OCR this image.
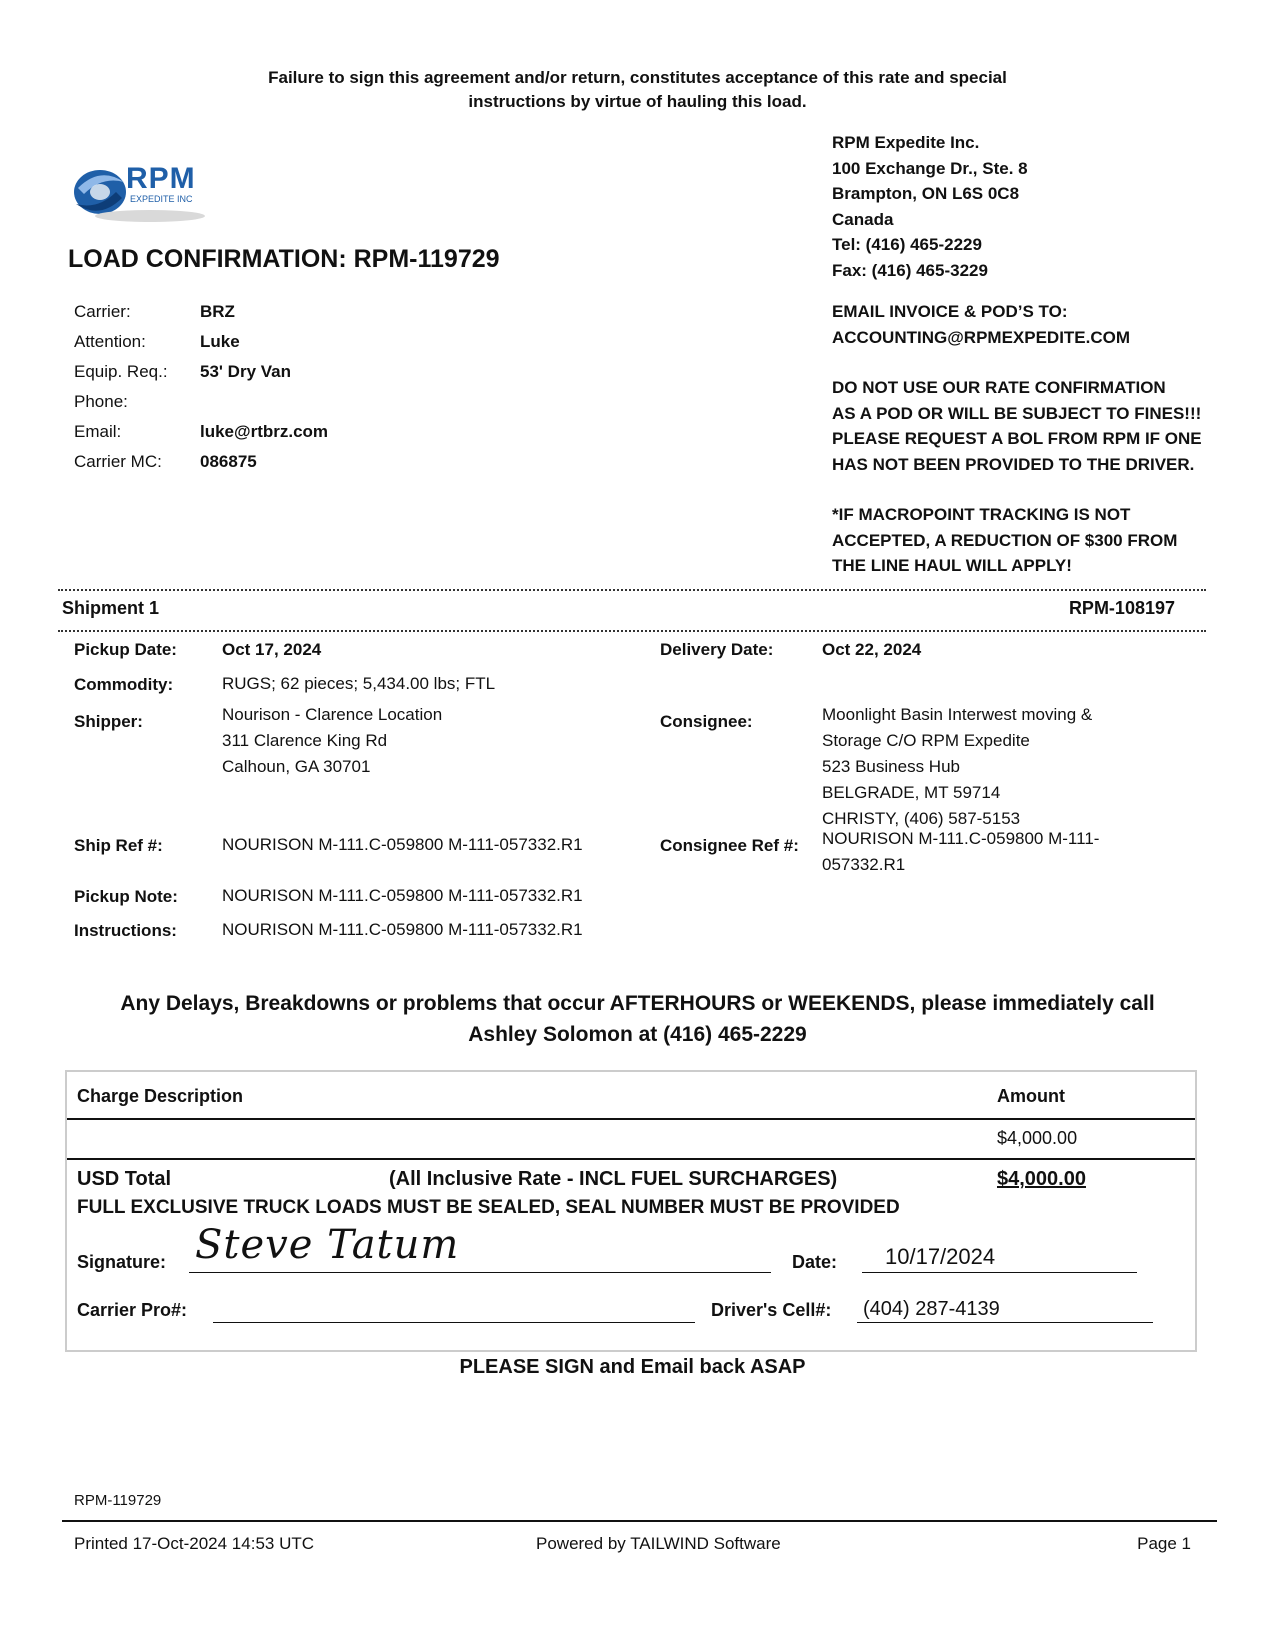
Failure to sign this agreement and/or return, constitutes acceptance of this rate and special
instructions by virtue of hauling this load.
RPM
EXPEDITE INC
RPM Expedite Inc.
100 Exchange Dr., Ste. 8
Brampton, ON L6S 0C8
Canada
Tel: (416) 465-2229
Fax: (416) 465-3229
LOAD CONFIRMATION: RPM-119729
Carrier:	BRZ
Attention:	Luke
Equip. Req.: 53' Dry Van
Phone:
Email:	luke@rtbrz.com
Carrier MC: 086875
EMAIL INVOICE & POD’S TO:
ACCOUNTING@RPMEXPEDITE.COM
DO NOT USE OUR RATE CONFIRMATION
AS A POD OR WILL BE SUBJECT TO FINES!!!
PLEASE REQUEST A BOL FROM RPM IF ONE
HAS NOT BEEN PROVIDED TO THE DRIVER.
*IF MACROPOINT TRACKING IS NOT
ACCEPTED, A REDUCTION OF $300 FROM
THE LINE HAUL WILL APPLY!
Shipment 1	RPM-108197
Pickup Date:	Oct 17, 2024	Delivery Date:	Oct 22, 2024
Commodity:	RUGS; 62 pieces; 5,434.00 lbs; FTL
Shipper:	Nourison - Clarence Location
311 Clarence King Rd
Calhoun, GA 30701
Consignee:	Moonlight Basin Interwest moving &
Storage C/O RPM Expedite
523 Business Hub
BELGRADE, MT 59714
CHRISTY, (406) 587-5153
Ship Ref #:	NOURISON M-111.C-059800 M-111-057332.R1	Consignee Ref #: NOURISON M-111.C-059800 M-111-
057332.R1
Pickup Note:	NOURISON M-111.C-059800 M-111-057332.R1
Instructions:	NOURISON M-111.C-059800 M-111-057332.R1
Any Delays, Breakdowns or problems that occur AFTERHOURS or WEEKENDS, please immediately call
Ashley Solomon at (416) 465-2229
Charge Description	Amount
$4,000.00
USD Total	(All Inclusive Rate - INCL FUEL SURCHARGES)	$4,000.00
FULL EXCLUSIVE TRUCK LOADS MUST BE SEALED, SEAL NUMBER MUST BE PROVIDED
Signature: Steve Tatum	Date: 10/17/2024
Carrier Pro#:	Driver's Cell#: (404) 287-4139
PLEASE SIGN and Email back ASAP
RPM-119729
Printed 17-Oct-2024 14:53 UTC	Powered by TAILWIND Software	Page 1
